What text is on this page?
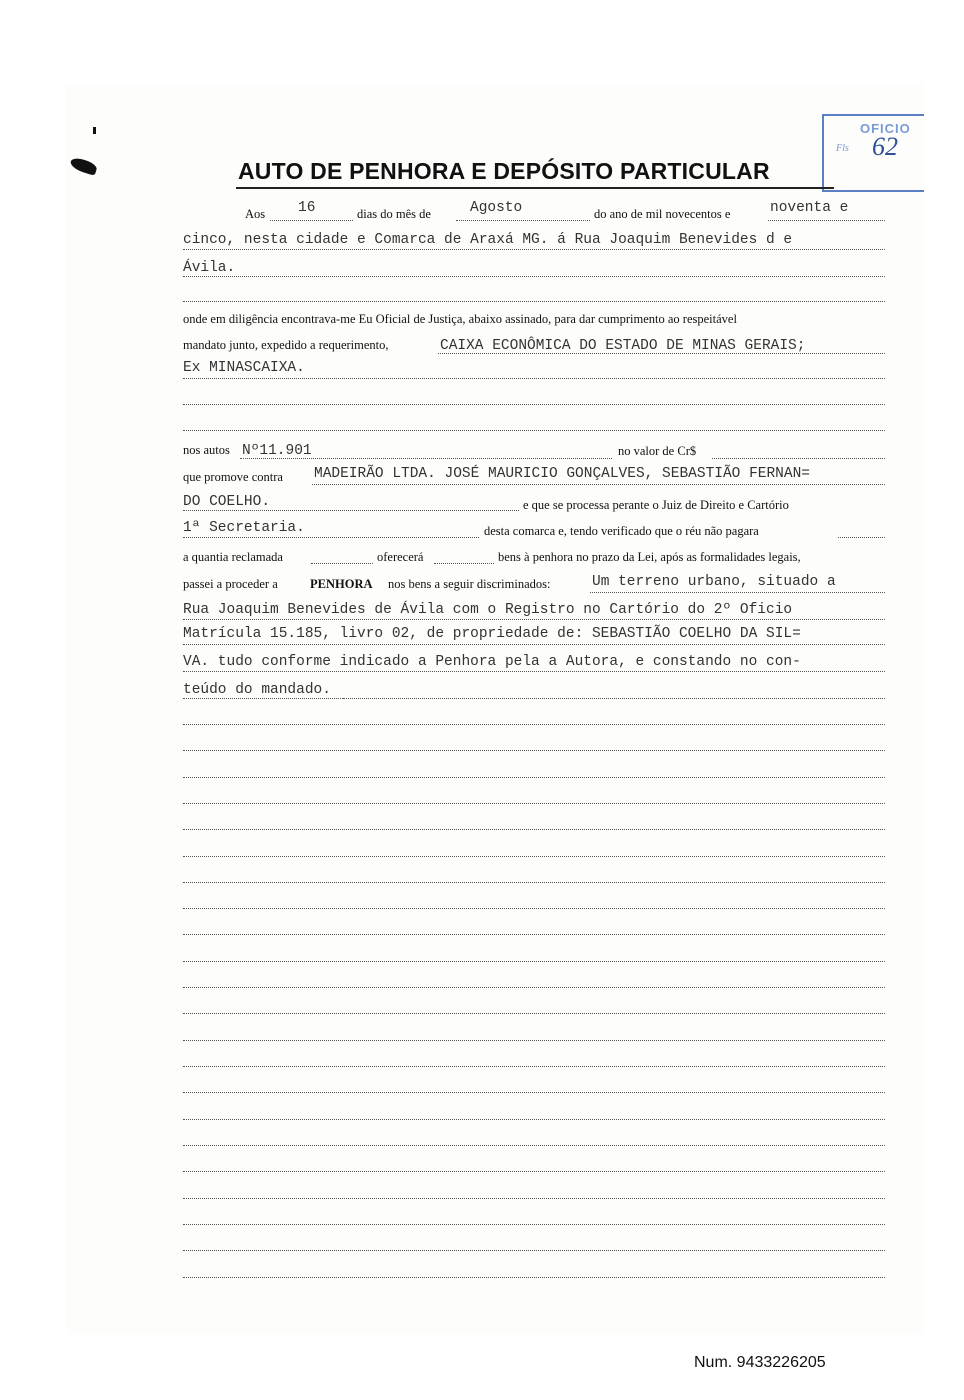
OFICIO
Fls 62
AUTO DE PENHORA E DEPÓSITO PARTICULAR
Aos 16	dias do mês de	Agosto	do ano de mil novecentos e	noventa e
cinco, nesta cidade e Comarca de Araxá MG. á Rua Joaquim Benevides d e
Ávila.
onde em diligência encontrava-me Eu Oficial de Justiça, abaixo assinado, para dar cumprimento ao respeitável
mandato junto, expedido a requerimento,	CAIXA ECONÔMICA DO ESTADO DE MINAS GERAIS;
Ex MINASCAIXA.
nos autos Nº11.901	no valor de Cr$
que promove contra MADEIRÃO LTDA. JOSÉ MAURICIO GONÇALVES, SEBASTIÃO FERNAN=
DO COELHO.	e que se processa perante o Juiz de Direito e Cartório
1ª Secretaria.	desta comarca e, tendo verificado que o réu não pagara
a quantia reclamada	oferecerá	bens à penhora no prazo da Lei, após as formalidades legais,
passei a proceder a	PENHORA nos bens a seguir discriminados:	Um terreno urbano, situado a
Rua Joaquim Benevides de Ávila com o Registro no Cartório do 2º Oficio
Matrícula 15.185, livro 02, de propriedade de: SEBASTIÃO COELHO DA SIL=
VA. tudo conforme indicado a Penhora pela a Autora, e constando no con-
teúdo do mandado.
Num. 9433226205
